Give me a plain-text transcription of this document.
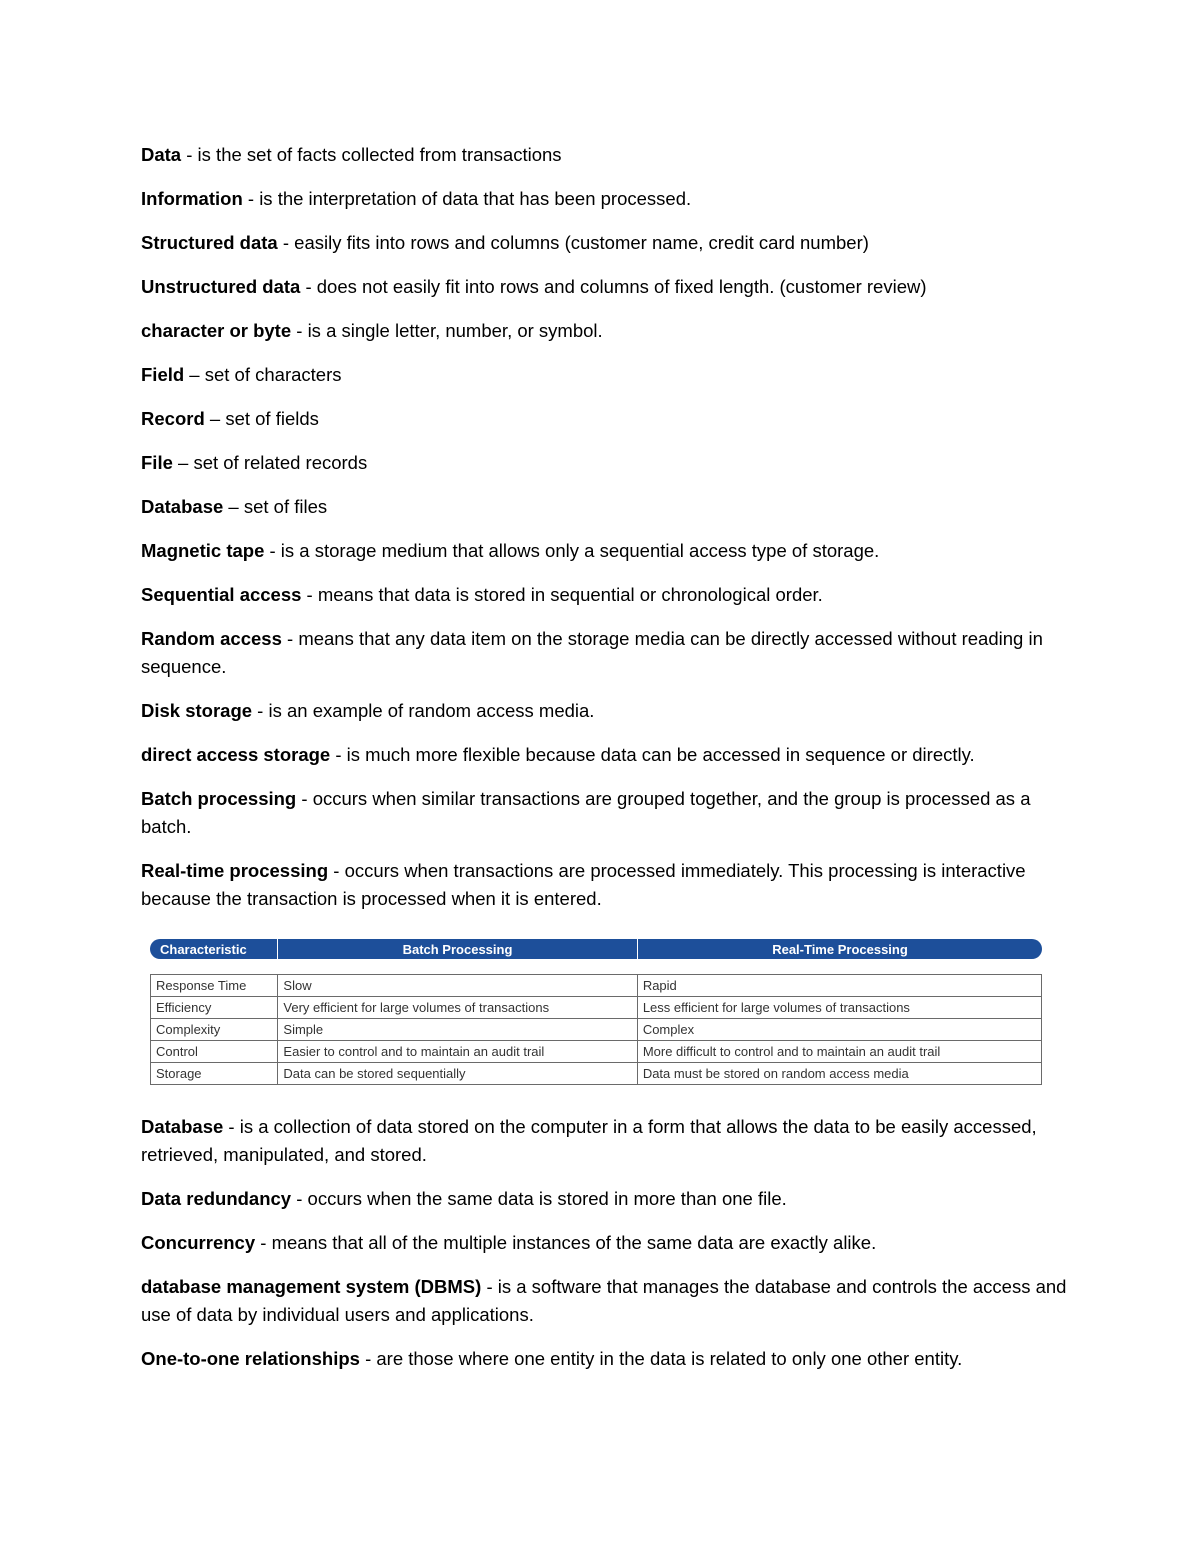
Data - is the set of facts collected from transactions

Information - is the interpretation of data that has been processed.

Structured data - easily fits into rows and columns (customer name, credit card number)

Unstructured data - does not easily fit into rows and columns of fixed length. (customer review)

character or byte - is a single letter, number, or symbol.

Field – set of characters

Record – set of fields

File – set of related records

Database – set of files

Magnetic tape - is a storage medium that allows only a sequential access type of storage.

Sequential access - means that data is stored in sequential or chronological order.

Random access - means that any data item on the storage media can be directly accessed without reading in sequence.

Disk storage - is an example of random access media.

direct access storage - is much more flexible because data can be accessed in sequence or directly.

Batch processing - occurs when similar transactions are grouped together, and the group is processed as a batch.

Real-time processing - occurs when transactions are processed immediately. This processing is interactive because the transaction is processed when it is entered.

Characteristic	Batch Processing	Real-Time Processing
Response Time	Slow	Rapid
Efficiency	Very efficient for large volumes of transactions	Less efficient for large volumes of transactions
Complexity	Simple	Complex
Control	Easier to control and to maintain an audit trail	More difficult to control and to maintain an audit trail
Storage	Data can be stored sequentially	Data must be stored on random access media

Database - is a collection of data stored on the computer in a form that allows the data to be easily accessed, retrieved, manipulated, and stored.

Data redundancy - occurs when the same data is stored in more than one file.

Concurrency - means that all of the multiple instances of the same data are exactly alike.

database management system (DBMS) - is a software that manages the database and controls the access and use of data by individual users and applications.

One-to-one relationships - are those where one entity in the data is related to only one other entity.
